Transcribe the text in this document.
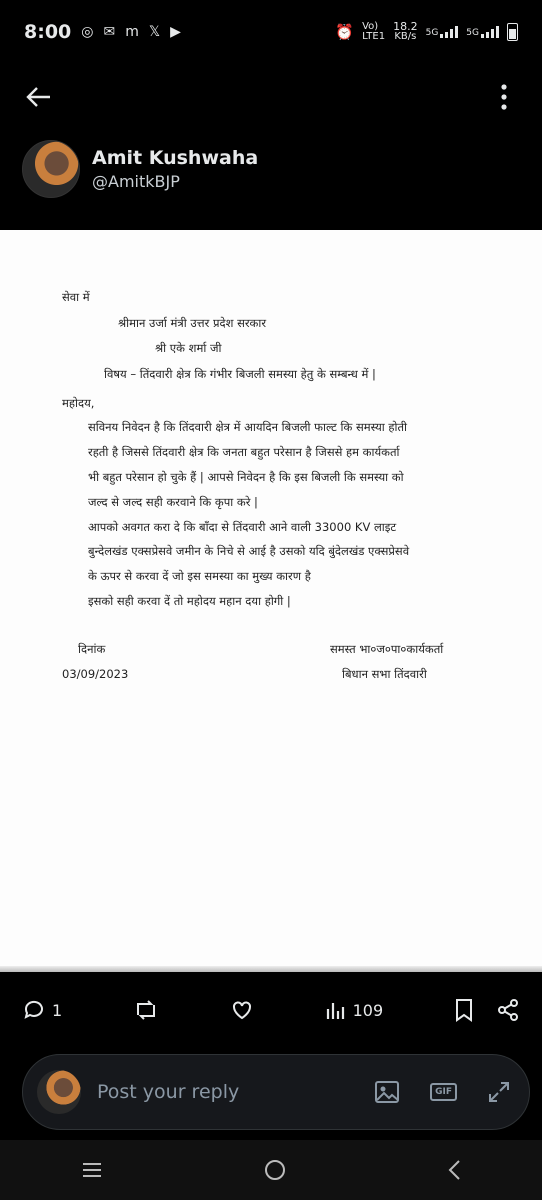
8:00 ◎ ✉ m 𝕏 ▶	⏰ Vo)
LTE1
18.2
KB/s 5G	5G
Amit Kushwaha
@AmitkBJP
सेवा में
श्रीमान उर्जा मंत्री उत्तर प्रदेश सरकार
श्री एके शर्मा जी
विषय – तिंदवारी क्षेत्र कि गंभीर बिजली समस्या हेतु के सम्बन्ध में |
महोदय,
सविनय निवेदन है कि तिंदवारी क्षेत्र में आयदिन बिजली फाल्ट कि समस्या होती
रहती है जिससे तिंदवारी क्षेत्र कि जनता बहुत परेसान है जिससे हम कार्यकर्ता
भी बहुत परेसान हो चुके हैं | आपसे निवेदन है कि इस बिजली कि समस्या को
जल्द से जल्द सही करवाने कि कृपा करे |
आपको अवगत करा दे कि बाँदा से तिंदवारी आने वाली 33000 KV लाइट
बुन्देलखंड एक्सप्रेसवे जमीन के निचे से आई है उसको यदि बुंदेलखंड एक्सप्रेसवे
के ऊपर से करवा दें जो इस समस्या का मुख्य कारण है
इसको सही करवा दें तो महोदय महान दया होगी |
दिनांक
03/09/2023
समस्त भा०ज०पा०कार्यकर्ता
बिधान सभा तिंदवारी
1	109
Post your reply
GIF
